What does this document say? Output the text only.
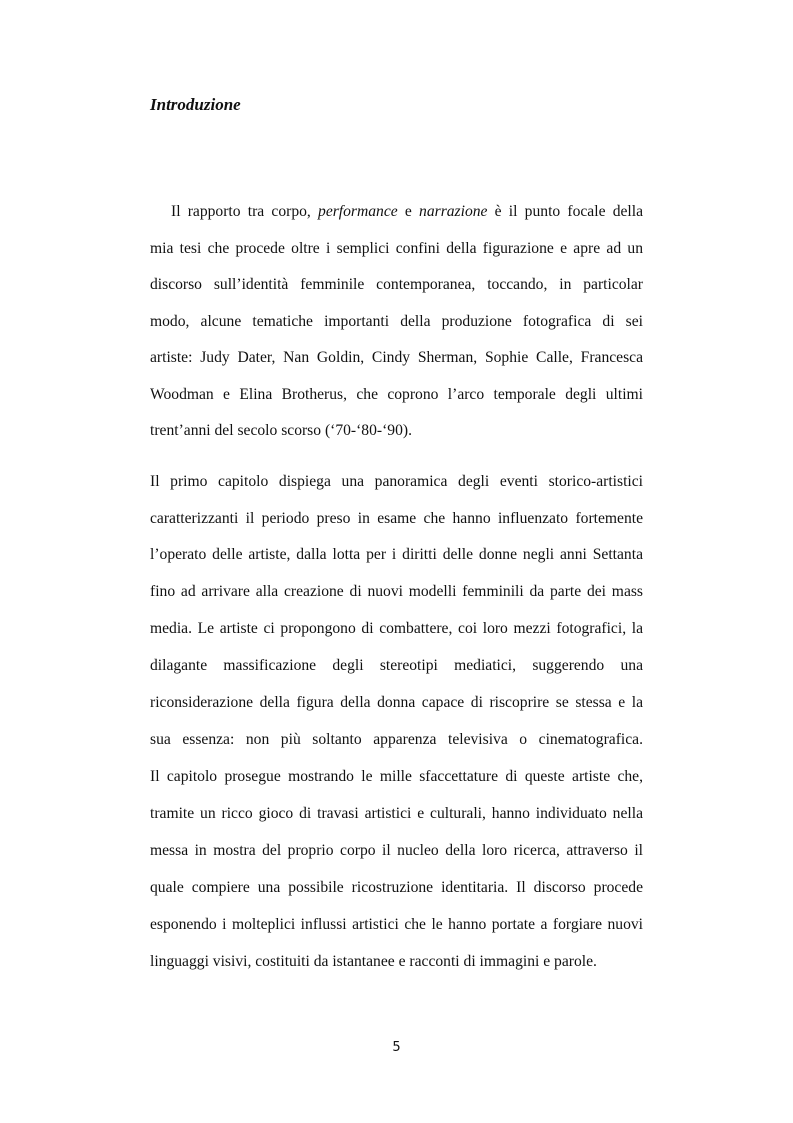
Introduzione
Il rapporto tra corpo, performance e narrazione è il punto focale della
mia tesi che procede oltre i semplici confini della figurazione e apre ad un
discorso sull’identità femminile contemporanea, toccando, in particolar
modo, alcune tematiche importanti della produzione fotografica di sei
artiste: Judy Dater, Nan Goldin, Cindy Sherman, Sophie Calle, Francesca
Woodman e Elina Brotherus, che coprono l’arco temporale degli ultimi
trent’anni del secolo scorso (‘70-‘80-‘90).
Il primo capitolo dispiega una panoramica degli eventi storico-artistici
caratterizzanti il periodo preso in esame che hanno influenzato fortemente
l’operato delle artiste, dalla lotta per i diritti delle donne negli anni Settanta
fino ad arrivare alla creazione di nuovi modelli femminili da parte dei mass
media. Le artiste ci propongono di combattere, coi loro mezzi fotografici, la
dilagante massificazione degli stereotipi mediatici, suggerendo una
riconsiderazione della figura della donna capace di riscoprire se stessa e la
sua essenza: non più soltanto apparenza televisiva o cinematografica.
Il capitolo prosegue mostrando le mille sfaccettature di queste artiste che,
tramite un ricco gioco di travasi artistici e culturali, hanno individuato nella
messa in mostra del proprio corpo il nucleo della loro ricerca, attraverso il
quale compiere una possibile ricostruzione identitaria. Il discorso procede
esponendo i molteplici influssi artistici che le hanno portate a forgiare nuovi
linguaggi visivi, costituiti da istantanee e racconti di immagini e parole.
5
